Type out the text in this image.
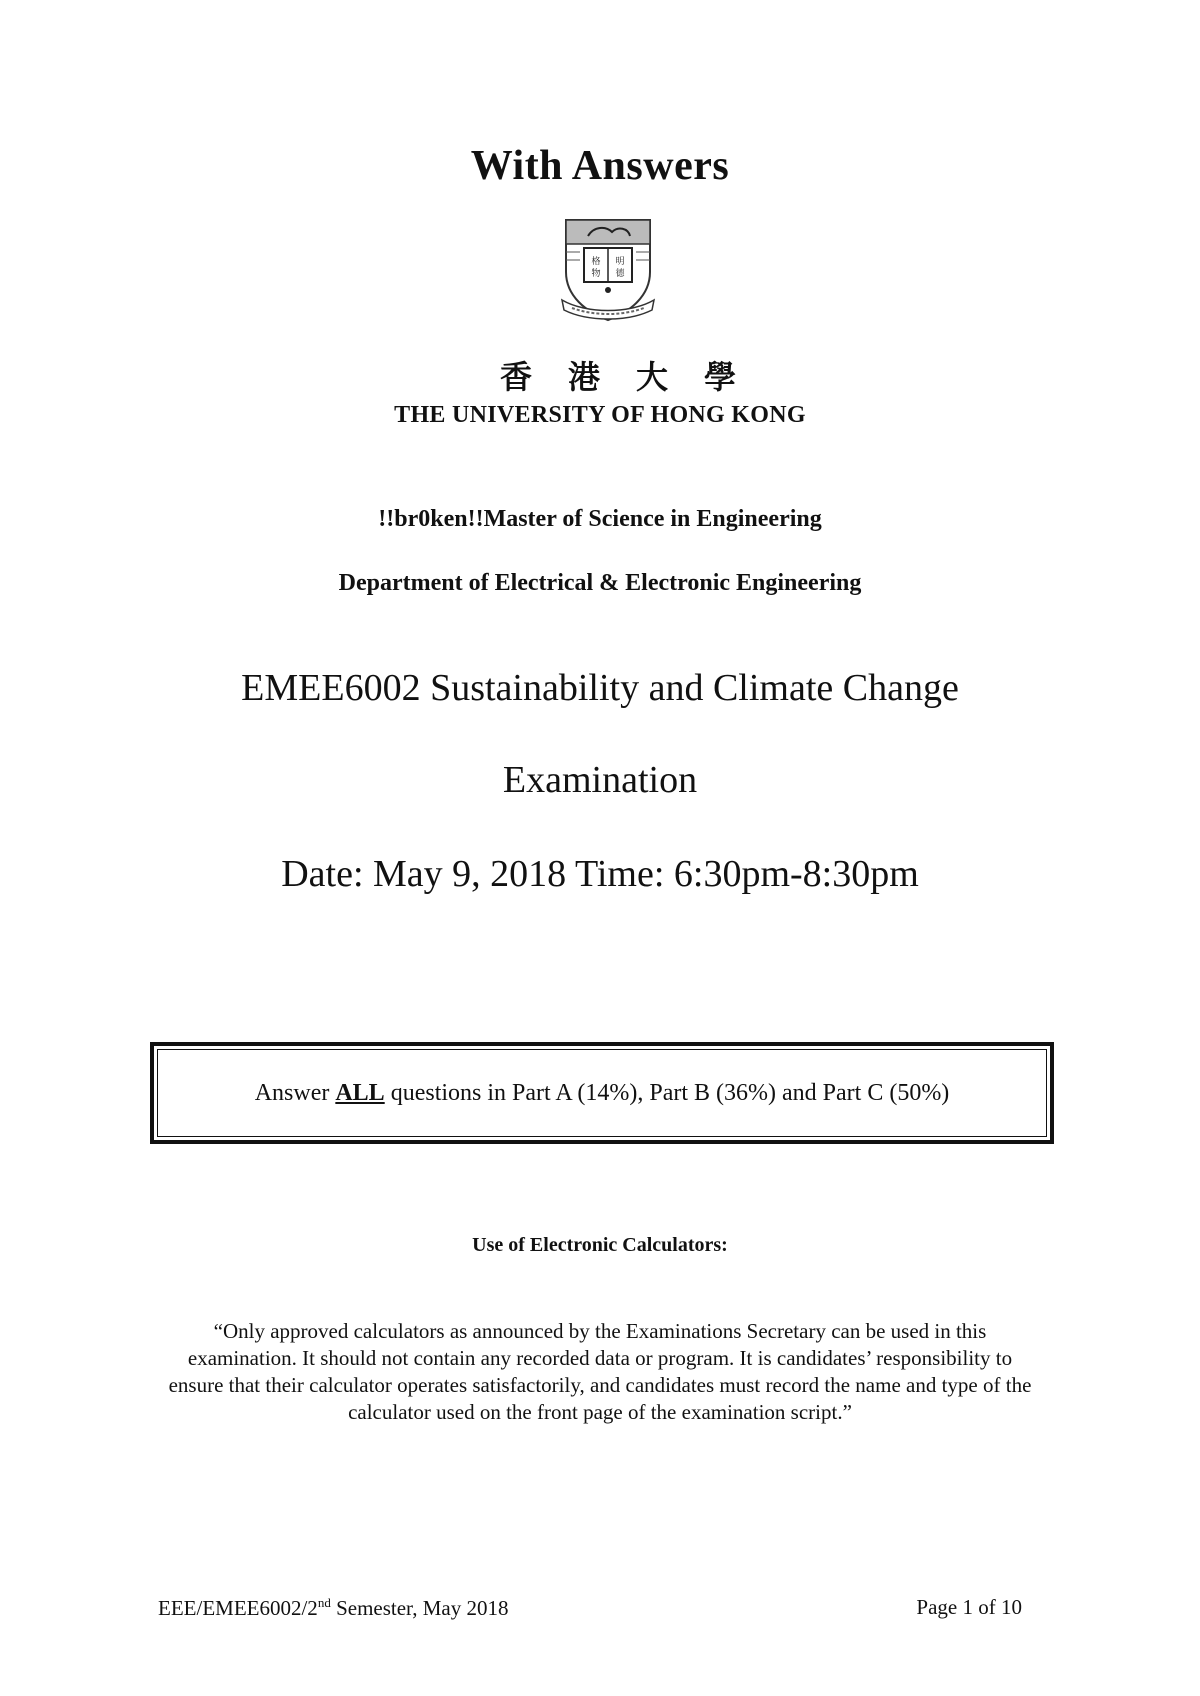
With Answers
格
物
明
德
香港大學
THE UNIVERSITY OF HONG KONG
!!br0ken!!Master of Science in Engineering
Department of Electrical & Electronic Engineering
EMEE6002 Sustainability and Climate Change
Examination
Date: May 9, 2018 Time: 6:30pm-8:30pm
Answer ALL questions in Part A (14%), Part B (36%) and Part C (50%)
Use of Electronic Calculators:
“Only approved calculators as announced by the Examinations Secretary can be used in this examination. It should not contain any recorded data or program. It is candidates’ responsibility to ensure that their calculator operates satisfactorily, and candidates must record the name and type of the calculator used on the front page of the examination script.”
EEE/EMEE6002/2nd Semester, May 2018	Page 1 of 10
